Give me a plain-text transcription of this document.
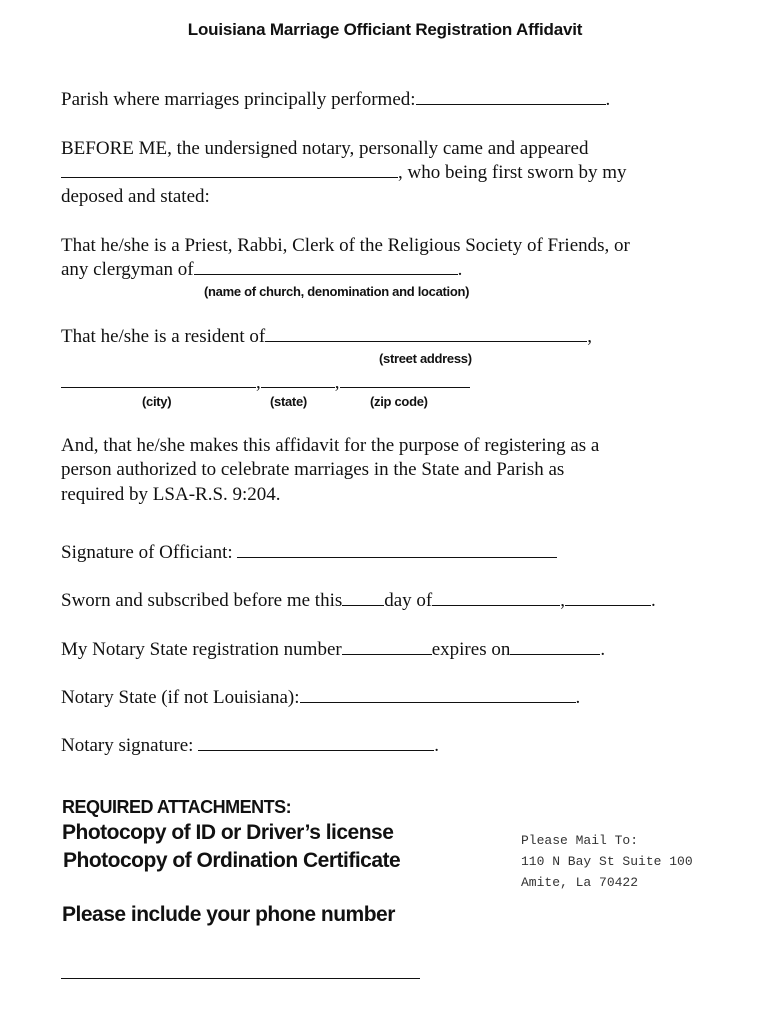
Louisiana Marriage Officiant Registration Affidavit
Parish where marriages principally performed:	.
BEFORE ME, the undersigned notary, personally came and appeared
, who being first sworn by my
deposed and stated:
That he/she is a Priest, Rabbi, Clerk of the Religious Society of Friends, or
any clergyman of	.
(name of church, denomination and location)
That he/she is a resident of	,
(street address)
,	,
(city)	(state)	(zip code)
And, that he/she makes this affidavit for the purpose of registering as a
person authorized to celebrate marriages in the State and Parish as
required by LSA-R.S. 9:204.
Signature of Officiant:
Sworn and subscribed before me this day of	,	.
My Notary State registration number	expires on	.
Notary State (if not Louisiana):	.
Notary signature:	.
REQUIRED ATTACHMENTS:
Photocopy of ID or Driver’s license
Photocopy of Ordination Certificate
Please include your phone number
Please Mail To:
110 N Bay St Suite 100
Amite, La 70422
